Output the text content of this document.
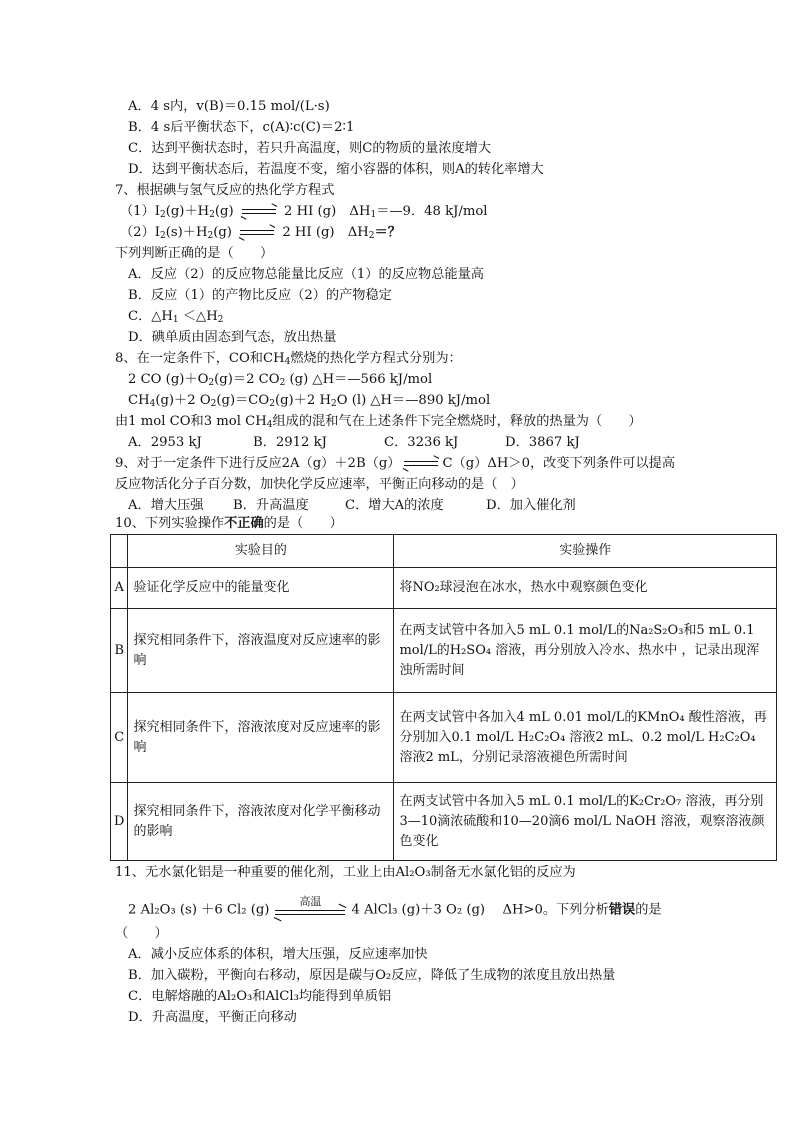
A．4 s内，v(B)＝0.15 mol/(L·s)
B．4 s后平衡状态下，c(A)∶c(C)＝2∶1
C．达到平衡状态时，若只升高温度，则C的物质的量浓度增大
D．达到平衡状态后，若温度不变，缩小容器的体积，则A的转化率增大
7、根据碘与氢气反应的热化学方程式
$(1)I_2(g)+H_2(g)$	2 HI (g)　$\Delta H_1=—9$．48 kJ/mol
$(2)I_2(s)+H_2(g)$	2 HI (g)　$\Delta H_2=$？
下列判断正确的是（　　）
A．反应（2）的反应物总能量比反应（1）的反应物总能量高
B．反应（1）的产物比反应（2）的产物稳定
C．$\triangle H_1$ $<\triangle H_2$
D．碘单质由固态到气态，放出热量
8、在一定条件下，CO和$CH_4$燃烧的热化学方程式分别为：
2 CO $(g)+O_2(g)=2$ $CO_2$ (g) △H＝—566 kJ/mol
$CH_4(g)+2$ $O_2(g)=CO_2(g)+2$ $H_2O$ (l) △H＝—890 kJ/mol
由1 mol CO和3 mol $CH_4$组成的混和气在上述条件下完全燃烧时，释放的热量为（　　）
A．2953 kJ	B．2912 kJ	C．3236 kJ	D．3867 kJ
9、对于一定条件下进行反应2A（g）＋2B（g）	C（g）ΔH＞0，改变下列条件可以提高
反应物活化分子百分数，加快化学反应速率，平衡正向移动的是（　）
A．增大压强 B．升高温度	C．增大A的浓度	D．加入催化剂
10、下列实验操作不正确的是（　　）
	实验目的	实验操作
A	验证化学反应中的能量变化	将NO₂球浸泡在冰水，热水中观察颜色变化
B	探究相同条件下，溶液温度对反应速率的影响	在两支试管中各加入5 mL 0.1 mol/L的Na₂S₂O₃和5 mL 0.1 mol/L的H₂SO₄ 溶液，再分别放入冷水、热水中 ，记录出现浑浊所需时间
C	探究相同条件下，溶液浓度对反应速率的影响	在两支试管中各加入4 mL 0.01 mol/L的KMnO₄ 酸性溶液，再分别加入0.1 mol/L H₂C₂O₄ 溶液2 mL、0.2 mol/L H₂C₂O₄ 溶液2 mL，分别记录溶液褪色所需时间
D	探究相同条件下，溶液浓度对化学平衡移动的影响	在两支试管中各加入5 mL 0.1 mol/L的K₂Cr₂O₇ 溶液，再分别3—10滴浓硫酸和10—20滴6 mol/L NaOH 溶液，观察溶液颜色变化
11、无水氯化铝是一种重要的催化剂，工业上由Al₂O₃制备无水氯化铝的反应为
2 Al₂O₃ (s) ＋6 Cl₂ (g)
高温
4 AlCl₃ (g)＋3 O₂ (g)　 ΔH>0。下列分析错误的是
（　　）
A．减小反应体系的体积，增大压强，反应速率加快
B．加入碳粉，平衡向右移动，原因是碳与O₂反应，降低了生成物的浓度且放出热量
C．电解熔融的Al₂O₃和AlCl₃均能得到单质铝
D．升高温度，平衡正向移动
